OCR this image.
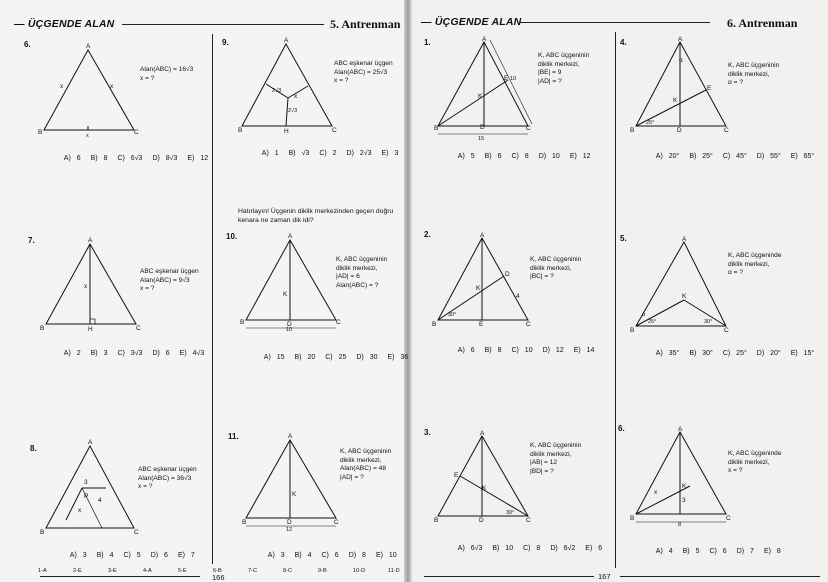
— ÜÇGENDE ALAN	5. Antrenman — ÜÇGENDE ALAN	6. Antrenman
6.	A
B	C
x	x
x
Alan(ABC) = 16√3
x = ?

A) 6 B) 8 C) 6√3 D) 8√3 E) 12

7.	A
B	C
H
x
ABC eşkenar üçgen
Alan(ABC) = 9√3
x = ?

A) 2 B) 3 C) 3√3 D) 6 E) 4√3

8.
A
B	C
P
3
4
x
ABC eşkenar üçgen
Alan(ABC) = 36√3
x = ?

A) 3 B) 4 C) 5 D) 6 E) 7

9.	A
B	C
H
2√3
2√3
x
ABC eşkenar üçgen
Alan(ABC) = 25√3
x = ?

A) 1 B) √3 C) 2 D) 2√3 E) 3

Hatırlayın! Üçgenin diklik merkezinden geçen doğru kenara ne zaman dik idi?
10.	A
B	C
D
K
10
K, ABC üçgeninin
diklik merkezi,
|AD| = 6
Alan(ABC) = ?

A) 15 B) 20 C) 25 D) 30 E) 36

11.	A
B	C
D
K
12
K, ABC üçgeninin
diklik merkezi,
Alan(ABC) = 48
|AD| = ?

A) 3 B) 4 C) 6 D) 8 E) 10

1-A	2-E	3-E	4-A	5-E	6-B	7-C	8-C	9-B	10-D	11-D
166
1.	A
B	C
D
E
K
10
15
K, ABC üçgeninin
diklik merkezi,
|BE| = 9
|AD| = ?

A) 5 B) 6 C) 8 D) 10 E) 12

2.	A
B	C
E
D
K
4
30°
K, ABC üçgeninin
diklik merkezi,
|BC| = ?

A) 6 B) 8 C) 10 D) 12 E) 14

3.	A
B	C
D
E
K
30°
K, ABC üçgeninin
diklik merkezi,
|AB| = 12
|BD| = ?

A) 6√3 B) 10 C) 8 D) 6√2 E) 6

4.	A
B	C
D
E
K
α
25°
K, ABC üçgeninin
diklik merkezi,
α = ?

A) 20° B) 25° C) 45° D) 55° E) 65°

5.	A
B	C
K
α
25°	30°
K, ABC üçgeninde
diklik merkezi,
α = ?

A) 35° B) 30° C) 25° D) 20° E) 15°

6.	A
B	C
K
x
3
8
K, ABC üçgeninde
diklik merkezi,
x = ?

A) 4 B) 5 C) 6 D) 7 E) 8

167
